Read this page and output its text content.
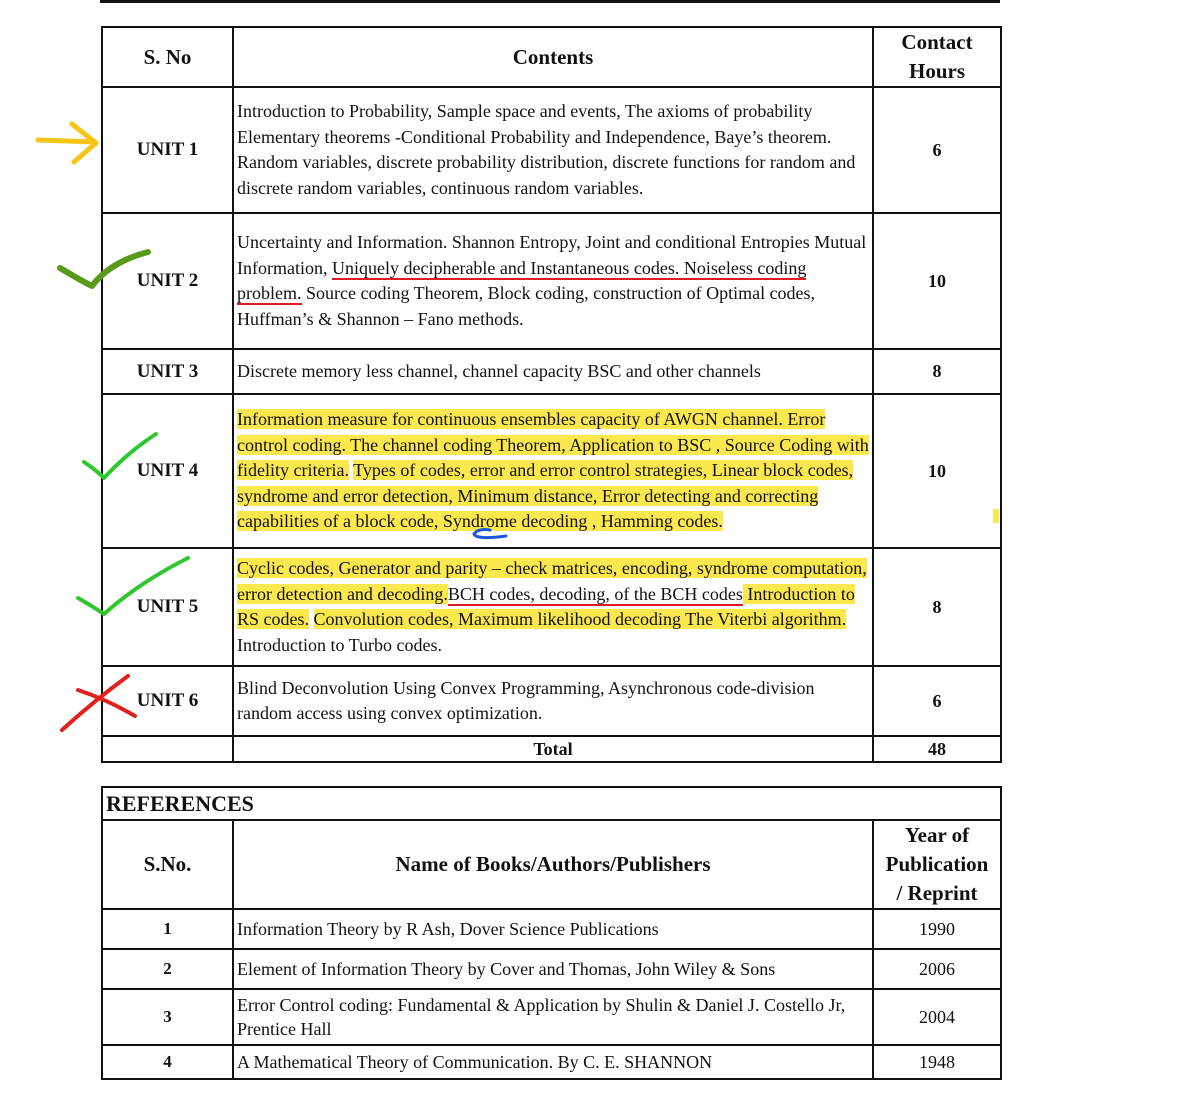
S. No	Contents	Contact
Hours
UNIT 1	Introduction to Probability, Sample space and events, The axioms of probability Elementary theorems -Conditional Probability and Independence, Baye’s theorem. Random variables, discrete probability distribution, discrete functions for random and discrete random variables, continuous random variables.	6
UNIT 2	Uncertainty and Information. Shannon Entropy, Joint and conditional Entropies Mutual Information, Uniquely decipherable and Instantaneous codes. Noiseless coding problem. Source coding Theorem, Block coding, construction of Optimal codes, Huffman’s & Shannon – Fano methods.	10
UNIT 3	Discrete memory less channel, channel capacity BSC and other channels	8
UNIT 4	Information measure for continuous ensembles capacity of AWGN channel. Error control coding. The channel coding Theorem, Application to BSC , Source Coding with fidelity criteria. Types of codes, error and error control strategies, Linear block codes, syndrome and error detection, Minimum distance, Error detecting and correcting capabilities of a block code, Syndrome decoding , Hamming codes.	10
UNIT 5	Cyclic codes, Generator and parity – check matrices, encoding, syndrome computation, error detection and decoding.BCH codes, decoding, of the BCH codes Introduction to RS codes. Convolution codes, Maximum likelihood decoding The Viterbi algorithm. Introduction to Turbo codes.	8
UNIT 6	Blind Deconvolution Using Convex Programming, Asynchronous code-division random access using convex optimization.	6
	Total	48
REFERENCES		
S.No.	Name of Books/Authors/Publishers	Year of
Publication
/ Reprint
1	Information Theory by R Ash, Dover Science Publications	1990
2	Element of Information Theory by Cover and Thomas, John Wiley & Sons	2006
3	Error Control coding: Fundamental & Application by Shulin & Daniel J. Costello Jr, Prentice Hall	2004
4	A Mathematical Theory of Communication. By C. E. SHANNON	1948
